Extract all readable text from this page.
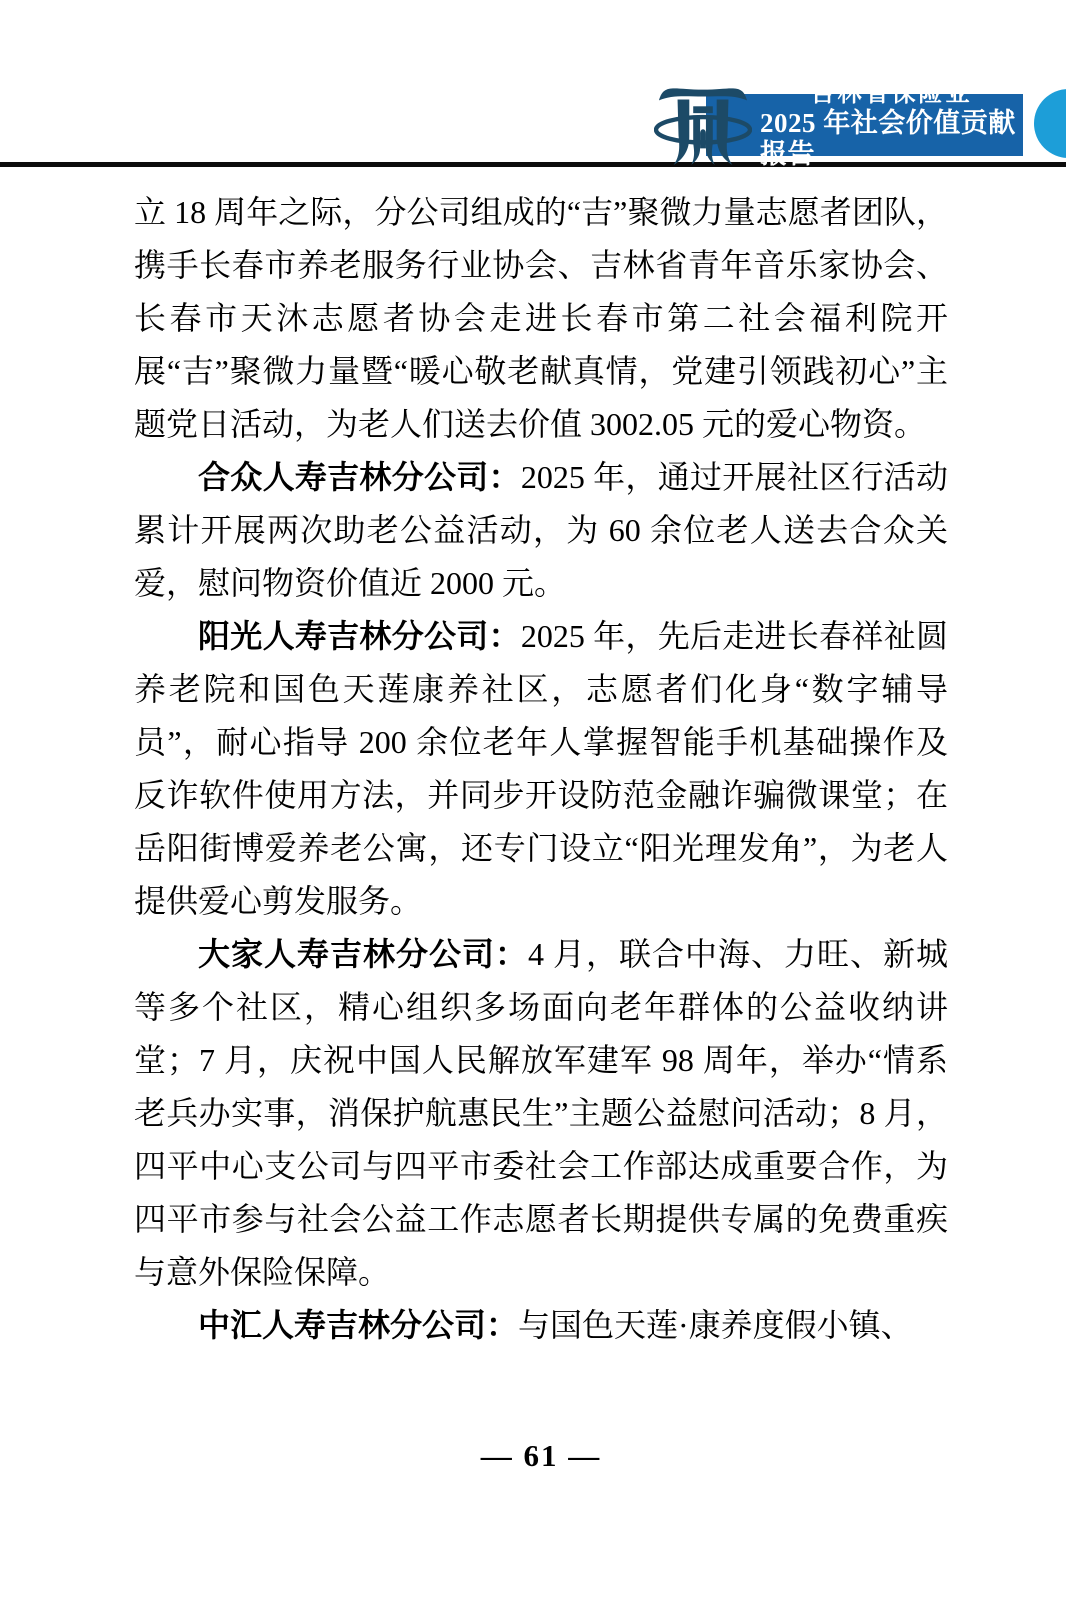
吉林省保险业
2025 年社会价值贡献报告

立 18 周年之际，分公司组成的“吉”聚微力量志愿者团队，携手长春市养老服务行业协会、吉林省青年音乐家协会、长春市天沐志愿者协会走进长春市第二社会福利院开展“吉”聚微力量暨“暖心敬老献真情，党建引领践初心”主题党日活动，为老人们送去价值 3002.05 元的爱心物资。

合众人寿吉林分公司：2025 年，通过开展社区行活动累计开展两次助老公益活动，为 60 余位老人送去合众关爱，慰问物资价值近 2000 元。

阳光人寿吉林分公司：2025 年，先后走进长春祥祉圆养老院和国色天莲康养社区，志愿者们化身“数字辅导员”，耐心指导 200 余位老年人掌握智能手机基础操作及反诈软件使用方法，并同步开设防范金融诈骗微课堂；在岳阳街博爱养老公寓，还专门设立“阳光理发角”，为老人提供爱心剪发服务。

大家人寿吉林分公司：4 月，联合中海、力旺、新城等多个社区，精心组织多场面向老年群体的公益收纳讲堂；7 月，庆祝中国人民解放军建军 98 周年，举办“情系老兵办实事，消保护航惠民生”主题公益慰问活动；8 月，四平中心支公司与四平市委社会工作部达成重要合作，为四平市参与社会公益工作志愿者长期提供专属的免费重疾与意外保险保障。

中汇人寿吉林分公司：与国色天莲·康养度假小镇、

— 61 —
